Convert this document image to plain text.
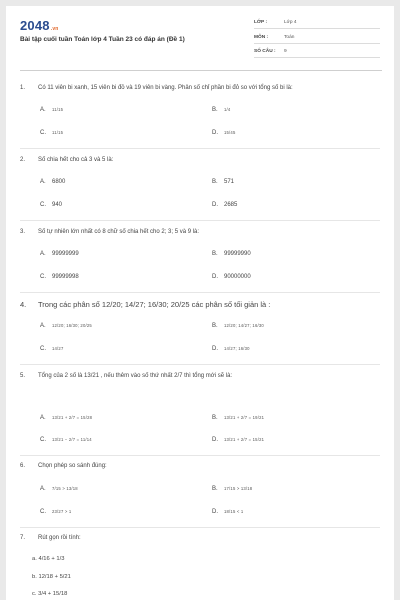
2048.vn
Bài tập cuối tuần Toán lớp 4 Tuần 23 có đáp án (Đề 1)
LỚP :	Lớp 4
MÔN :	Toán
SỐ CÂU : 9
1. Có 11 viên bi xanh, 15 viên bi đỏ và 19 viên bi vàng. Phân số chỉ phần bi đỏ so với tổng số bi là:
A. 11/15	B. 1/4
C. 11/15	D. 15/45
2. Số chia hết cho cả 3 và 5 là:
A. 6800	B. 571
C. 940	D. 2685
3. Số tự nhiên lớn nhất có 8 chữ số chia hết cho 2; 3; 5 và 9 là:
A. 99999999	B. 99999990
C. 99999998	D. 90000000
4. Trong các phân số 12/20; 14/27; 16/30; 20/25 các phân số tối giản là :
A. 12/20; 16/30; 20/25	B. 12/20; 14/27; 16/30
C. 14/27	D. 14/27; 16/30
5. Tổng của 2 số là 13/21 , nếu thêm vào số thứ nhất 2/7 thì tổng mới sẽ là:
A. 13/21 + 2/7 = 15/28	B. 13/21 + 2/7 = 19/21
C. 13/21 − 2/7 = 11/14	D. 13/21 + 2/7 = 15/21
6. Chọn phép so sánh đúng:
A. 7/15 > 13/18	B. 17/15 > 13/18
C. 23/27 > 1	D. 18/15 < 1
7. Rút gọn rồi tính:
a. 4/16 + 1/3
b. 12/18 + 5/21
c. 3/4 + 15/18
